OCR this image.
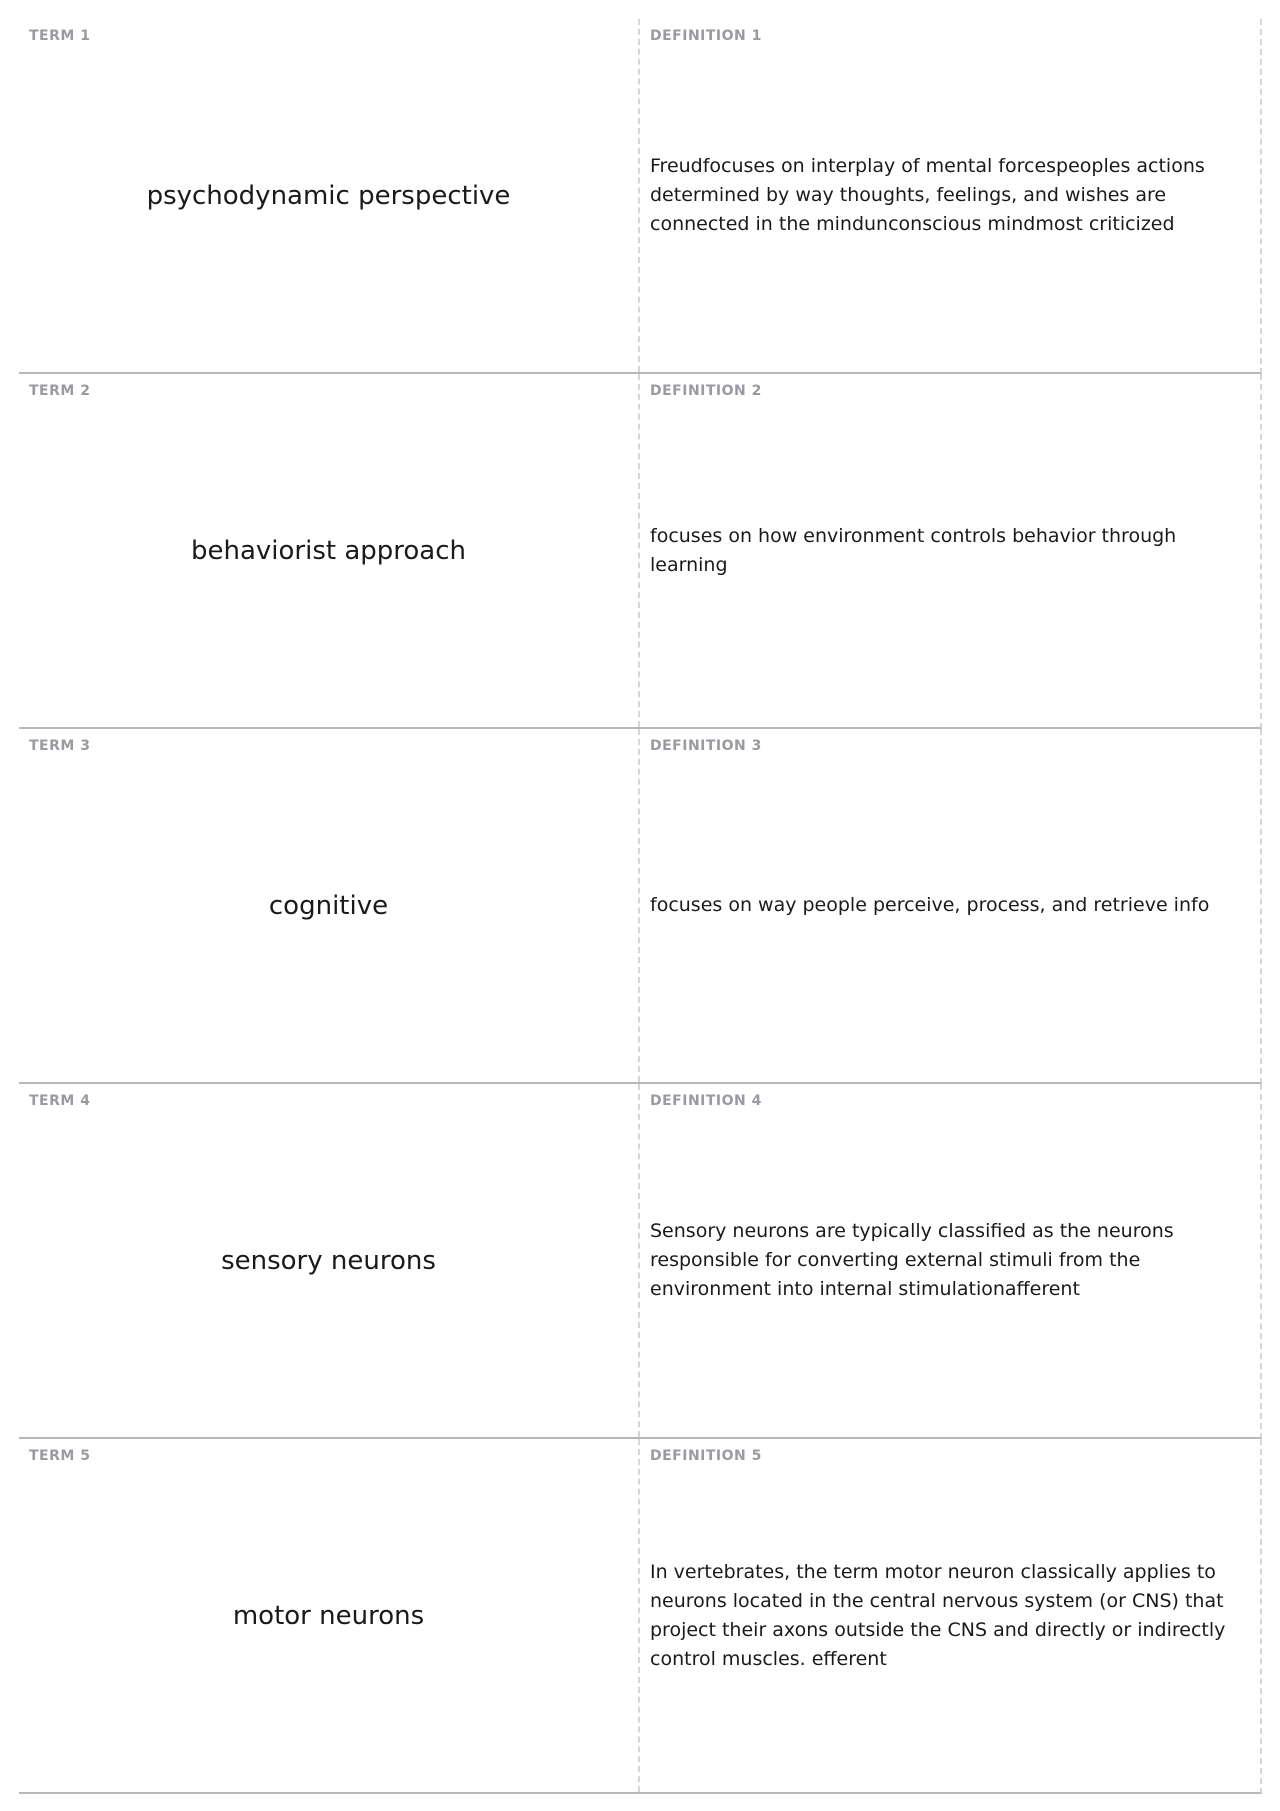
TERM 1
psychodynamic perspective
DEFINITION 1
Freudfocuses on interplay of mental forcespeoples actions determined by way thoughts, feelings, and wishes are connected in the mindunconscious mindmost criticized
TERM 2
behaviorist approach
DEFINITION 2
focuses on how environment controls behavior through learning
TERM 3
cognitive
DEFINITION 3
focuses on way people perceive, process, and retrieve info
TERM 4
sensory neurons
DEFINITION 4
Sensory neurons are typically classified as the neurons responsible for converting external stimuli from the environment into internal stimulationafferent
TERM 5
motor neurons
DEFINITION 5
In vertebrates, the term motor neuron classically applies to neurons located in the central nervous system (or CNS) that project their axons outside the CNS and directly or indirectly control muscles. efferent
